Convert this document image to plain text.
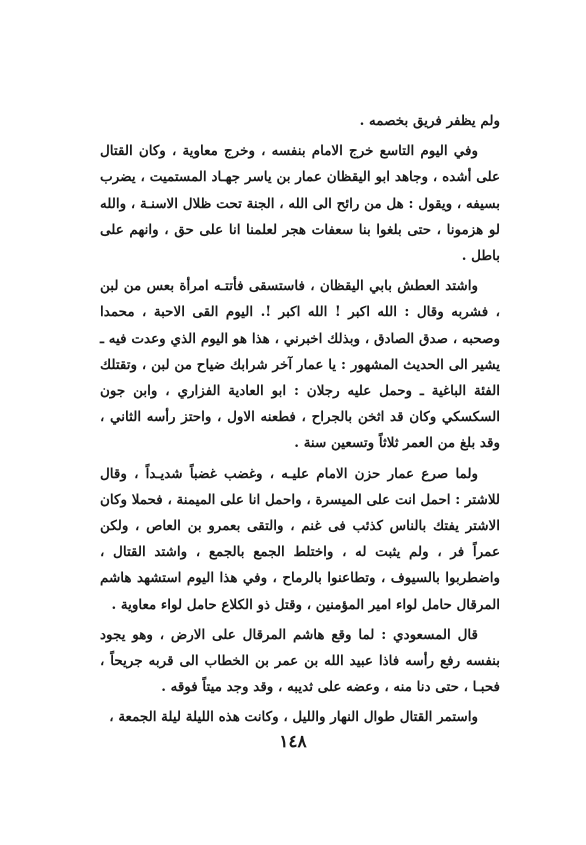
ولم يظفر فريق بخصمه .

وفي اليوم التاسع خرج الامام بنفسه ، وخرج معاوية ، وكان القتال على أشده ، وجاهد ابو اليقظان عمار بن ياسر جهـاد المستميت ، يضرب بسيفه ، ويقول : هل من رائح الى الله ، الجنة تحت ظلال الاسنـة ، والله لو هزمونا ، حتى بلغوا بنا سعفات هجر لعلمنا انا على حق ، وانهم على باطل .

واشتد العطش بابي اليقظان ، فاستسقى فأتتـه امرأة بعس من لبن ، فشربه وقال : الله اكبر ! الله اكبر !. اليوم القى الاحبة ، محمدا وصحبه ، صدق الصادق ، وبذلك اخبرني ، هذا هو اليوم الذي وعدت فيه ـ يشير الى الحديث المشهور : يا عمار آخر شرابك ضياح من لبن ، وتقتلك الفئة الباغية ـ وحمل عليه رجلان : ابو العادية الفزاري ، وابن جون السكسكي وكان قد اثخن بالجراح ، فطعنه الاول ، واحتز رأسه الثاني ، وقد بلغ من العمر ثلاثاً وتسعين سنة .

ولما صرع عمار حزن الامام عليـه ، وغضب غضباً شديـداً ، وقال للاشتر : احمل انت على الميسرة ، واحمل انا على الميمنة ، فحملا وكان الاشتر يفتك بالناس كذئب فى غنم ، والتقى بعمرو بن العاص ، ولكن عمراً فر ، ولم يثبت له ، واختلط الجمع بالجمع ، واشتد القتال ، واضطربوا بالسيوف ، وتطاعنوا بالرماح ، وفي هذا اليوم استشهد هاشم المرقال حامل لواء امير المؤمنين ، وقتل ذو الكلاع حامل لواء معاوية .

قال المسعودي : لما وقع هاشم المرقال على الارض ، وهو يجود بنفسه رفع رأسه فاذا عبيد الله بن عمر بن الخطاب الى قربه جريحاً ، فحبـا ، حتى دنا منه ، وعضه على ثديبه ، وقد وجد ميتاً فوقه .

واستمر القتال طوال النهار والليل ، وكانت هذه الليلة ليلة الجمعة ،

١٤٨
